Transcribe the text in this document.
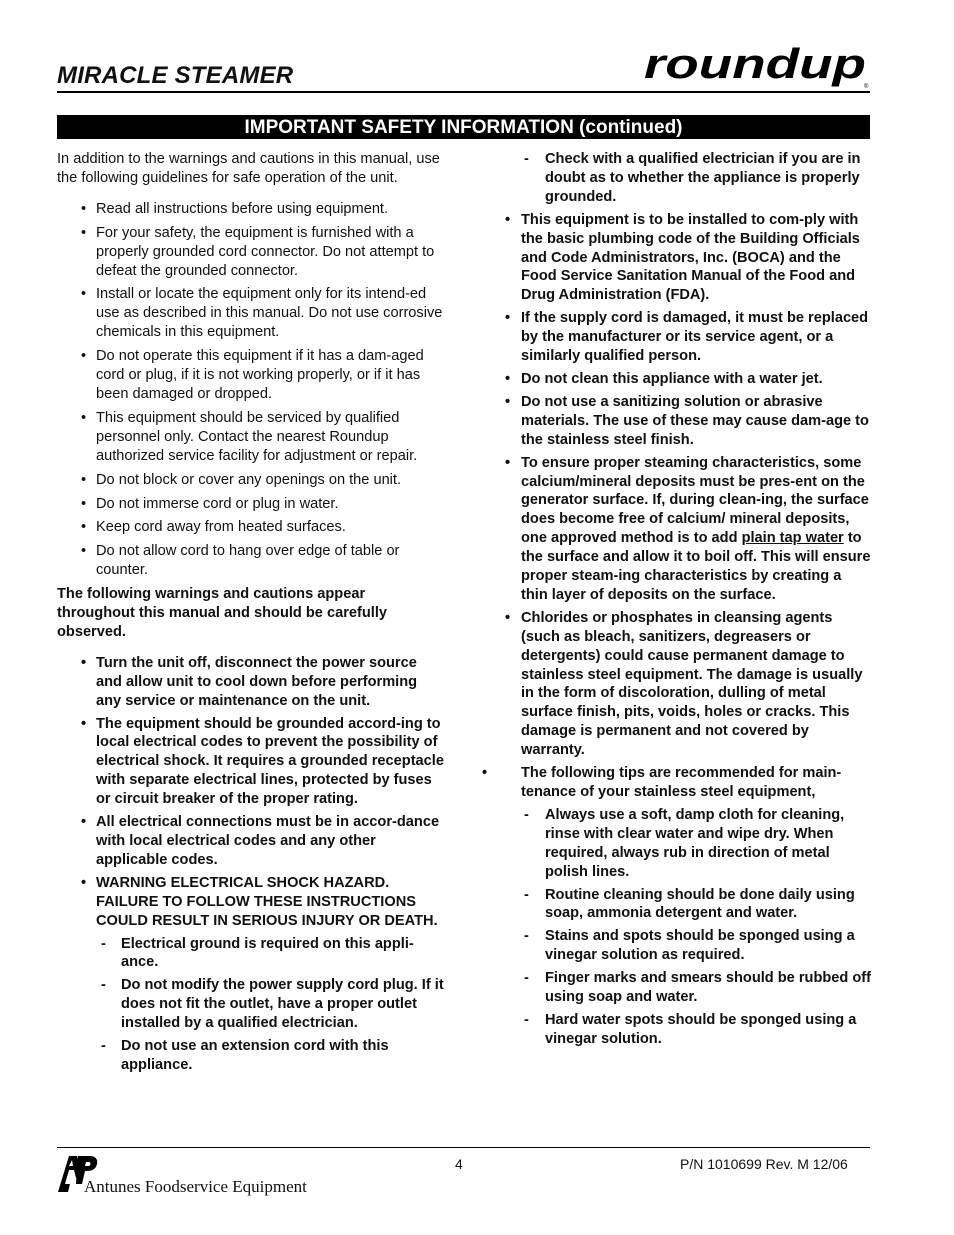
MIRACLE STEAMER	roundup
®
IMPORTANT SAFETY INFORMATION (continued)

In addition to the warnings and cautions in this manual, use the following guidelines for safe operation of the unit.

• Read all instructions before using equipment.
• For your safety, the equipment is furnished with a properly grounded cord connector. Do not attempt to defeat the grounded connector.
• Install or locate the equipment only for its intend-ed use as described in this manual. Do not use corrosive chemicals in this equipment.
• Do not operate this equipment if it has a dam-aged cord or plug, if it is not working properly, or if it has been damaged or dropped.
• This equipment should be serviced by qualified personnel only. Contact the nearest Roundup authorized service facility for adjustment or repair.
• Do not block or cover any openings on the unit.
• Do not immerse cord or plug in water.
• Keep cord away from heated surfaces.
• Do not allow cord to hang over edge of table or counter.

The following warnings and cautions appear throughout this manual and should be carefully observed.

• Turn the unit off, disconnect the power source and allow unit to cool down before performing any service or maintenance on the unit.
• The equipment should be grounded accord-ing to local electrical codes to prevent the possibility of electrical shock. It requires a grounded receptacle with separate electrical lines, protected by fuses or circuit breaker of the proper rating.
• All electrical connections must be in accor-dance with local electrical codes and any other applicable codes.
• WARNING ELECTRICAL SHOCK HAZARD. FAILURE TO FOLLOW THESE INSTRUCTIONS COULD RESULT IN SERIOUS INJURY OR DEATH.
- Electrical ground is required on this appli-ance.
- Do not modify the power supply cord plug. If it does not fit the outlet, have a proper outlet installed by a qualified electrician.
- Do not use an extension cord with this appliance.
- Check with a qualified electrician if you are in doubt as to whether the appliance is properly grounded.
• This equipment is to be installed to com-ply with the basic plumbing code of the Building Officials and Code Administrators, Inc. (BOCA) and the Food Service Sanitation Manual of the Food and Drug Administration (FDA).
• If the supply cord is damaged, it must be replaced by the manufacturer or its service agent, or a similarly qualified person.
• Do not clean this appliance with a water jet.
• Do not use a sanitizing solution or abrasive materials. The use of these may cause dam-age to the stainless steel finish.
• To ensure proper steaming characteristics, some calcium/mineral deposits must be pres-ent on the generator surface. If, during clean-ing, the surface does become free of calcium/ mineral deposits, one approved method is to add plain tap water to the surface and allow it to boil off. This will ensure proper steam-ing characteristics by creating a thin layer of deposits on the surface.
• Chlorides or phosphates in cleansing agents (such as bleach, sanitizers, degreasers or detergents) could cause permanent damage to stainless steel equipment. The damage is usually in the form of discoloration, dulling of metal surface finish, pits, voids, holes or cracks. This damage is permanent and not covered by warranty.
• The following tips are recommended for main-tenance of your stainless steel equipment,
- Always use a soft, damp cloth for cleaning, rinse with clear water and wipe dry. When required, always rub in direction of metal polish lines.
- Routine cleaning should be done daily using soap, ammonia detergent and water.
- Stains and spots should be sponged using a vinegar solution as required.
- Finger marks and smears should be rubbed off using soap and water.
- Hard water spots should be sponged using a vinegar solution.
Antunes Foodservice Equipment
4	P/N 1010699 Rev. M 12/06
